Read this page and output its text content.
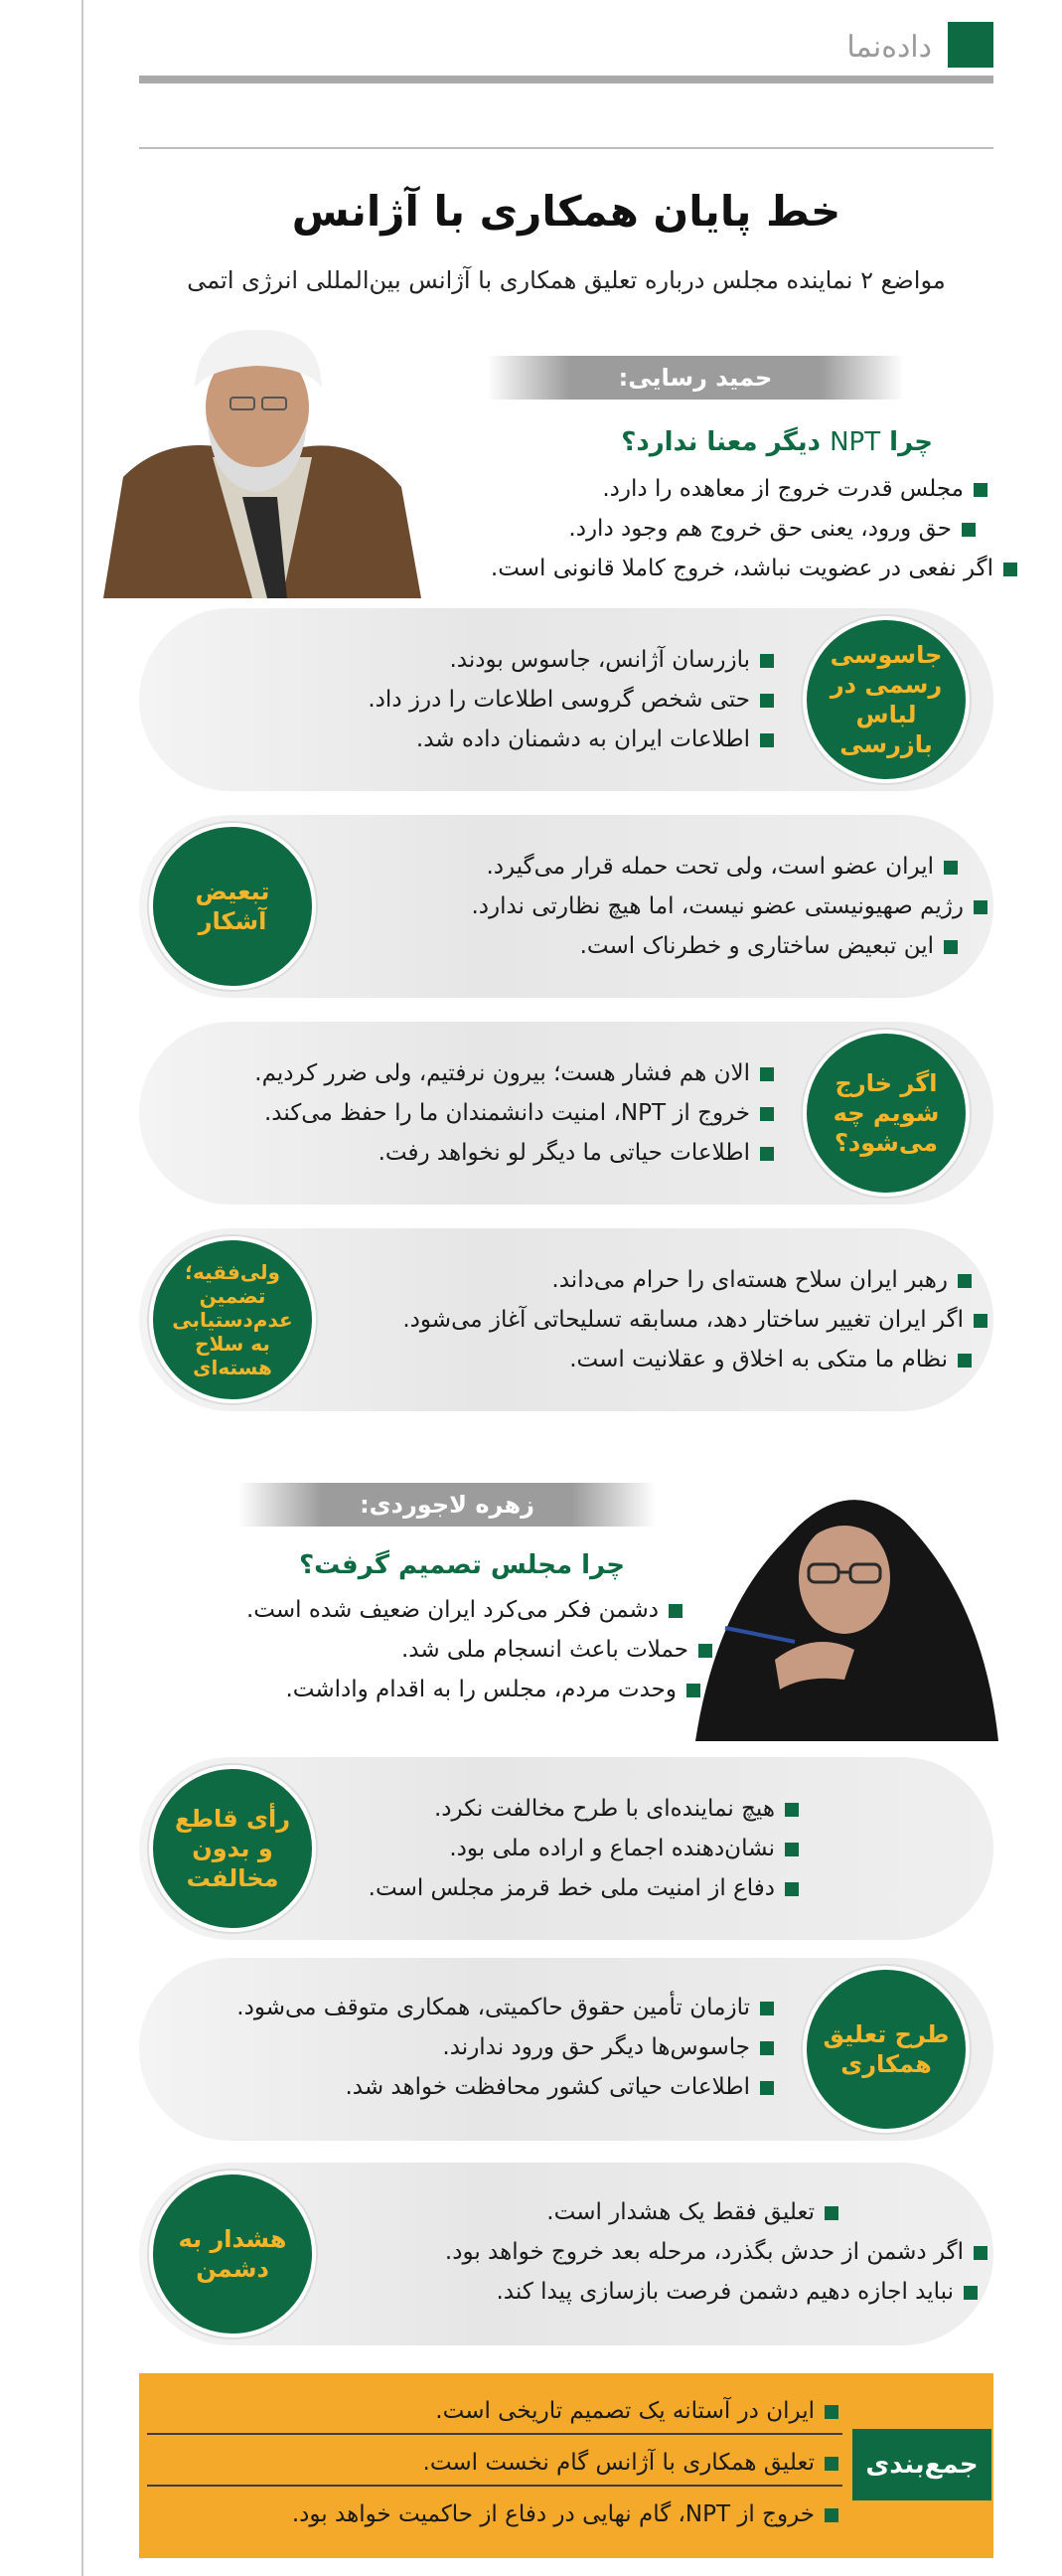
داده‌نما
خط پایان همکاری با آژانس
مواضع ۲ نماینده مجلس درباره تعلیق همکاری با آژانس بین‌المللی انرژی اتمی
حمید رسایی:
چرا NPT دیگر معنا ندارد؟
مجلس قدرت خروج از معاهده را دارد.
حق ورود، یعنی حق خروج هم وجود دارد.
اگر نفعی در عضویت نباشد، خروج کاملا قانونی است.
جاسوسی رسمی در لباس بازرسی
بازرسان آژانس، جاسوس بودند.
حتی شخص گروسی اطلاعات را درز داد.
اطلاعات ایران به دشمنان داده شد.
تبعیض آشکار
ایران عضو است، ولی تحت حمله قرار می‌گیرد.
رژیم صهیونیستی عضو نیست، اما هیچ نظارتی ندارد.
این تبعیض ساختاری و خطرناک است.
اگر خارج شویم چه می‌شود؟
الان هم فشار هست؛ بیرون نرفتیم، ولی ضرر کردیم.
خروج از NPT، امنیت دانشمندان ما را حفظ می‌کند.
اطلاعات حیاتی ما دیگر لو نخواهد رفت.
ولی‌فقیه؛ تضمین عدم‌دستیابی به سلاح هسته‌ای
رهبر ایران سلاح هسته‌ای را حرام می‌داند.
اگر ایران تغییر ساختار دهد، مسابقه تسلیحاتی آغاز می‌شود.
نظام ما متکی به اخلاق و عقلانیت است.
زهره لاجوردی:
چرا مجلس تصمیم گرفت؟
دشمن فکر می‌کرد ایران ضعیف شده است.
حملات باعث انسجام ملی شد.
وحدت مردم، مجلس را به اقدام واداشت.
رأی قاطع و بدون مخالفت
هیچ نماینده‌ای با طرح مخالفت نکرد.
نشان‌دهنده اجماع و اراده ملی بود.
دفاع از امنیت ملی خط قرمز مجلس است.
طرح تعلیق همکاری
تازمان تأمین حقوق حاکمیتی، همکاری متوقف می‌شود.
جاسوس‌ها دیگر حق ورود ندارند.
اطلاعات حیاتی کشور محافظت خواهد شد.
هشدار به دشمن
تعلیق فقط یک هشدار است.
اگر دشمن از حدش بگذرد، مرحله بعد خروج خواهد بود.
نباید اجازه دهیم دشمن فرصت بازسازی پیدا کند.
جمع‌بندی
ایران در آستانه یک تصمیم تاریخی است.
تعلیق همکاری با آژانس گام نخست است.
خروج از NPT، گام نهایی در دفاع از حاکمیت خواهد بود.
